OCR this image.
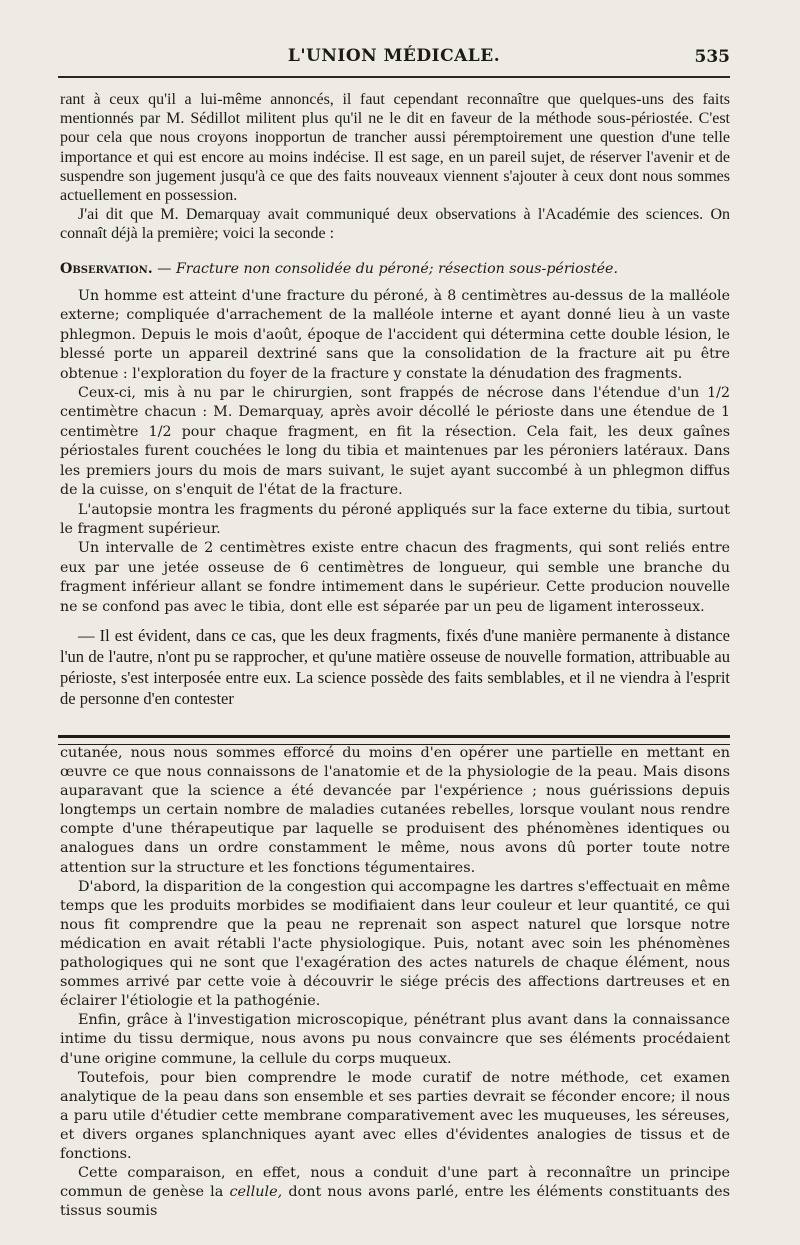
L'UNION MÉDICALE.	535

rant à ceux qu'il a lui-même annoncés, il faut cependant reconnaître que quelques-uns des faits mentionnés par M. Sédillot militent plus qu'il ne le dit en faveur de la méthode sous-périostée. C'est pour cela que nous croyons inopportun de trancher aussi péremptoirement une question d'une telle importance et qui est encore au moins indécise. Il est sage, en un pareil sujet, de réserver l'avenir et de suspendre son jugement jusqu'à ce que des faits nouveaux viennent s'ajouter à ceux dont nous sommes actuellement en possession.

J'ai dit que M. Demarquay avait communiqué deux observations à l'Académie des sciences. On connaît déjà la première; voici la seconde :

Observation. — Fracture non consolidée du péroné; résection sous-périostée.

Un homme est atteint d'une fracture du péroné, à 8 centimètres au-dessus de la malléole externe; compliquée d'arrachement de la malléole interne et ayant donné lieu à un vaste phlegmon. Depuis le mois d'août, époque de l'accident qui détermina cette double lésion, le blessé porte un appareil dextriné sans que la consolidation de la fracture ait pu être obtenue : l'exploration du foyer de la fracture y constate la dénudation des fragments.

Ceux-ci, mis à nu par le chirurgien, sont frappés de nécrose dans l'étendue d'un 1/2 centimètre chacun : M. Demarquay, après avoir décollé le périoste dans une étendue de 1 centimètre 1/2 pour chaque fragment, en fit la résection. Cela fait, les deux gaînes périostales furent couchées le long du tibia et maintenues par les péroniers latéraux. Dans les premiers jours du mois de mars suivant, le sujet ayant succombé à un phlegmon diffus de la cuisse, on s'enquit de l'état de la fracture.

L'autopsie montra les fragments du péroné appliqués sur la face externe du tibia, surtout le fragment supérieur.

Un intervalle de 2 centimètres existe entre chacun des fragments, qui sont reliés entre eux par une jetée osseuse de 6 centimètres de longueur, qui semble une branche du fragment inférieur allant se fondre intimement dans le supérieur. Cette producion nouvelle ne se confond pas avec le tibia, dont elle est séparée par un peu de ligament interosseux.

— Il est évident, dans ce cas, que les deux fragments, fixés d'une manière permanente à distance l'un de l'autre, n'ont pu se rapprocher, et qu'une matière osseuse de nouvelle formation, attribuable au périoste, s'est interposée entre eux. La science possède des faits semblables, et il ne viendra à l'esprit de personne d'en contester

cutanée, nous nous sommes efforcé du moins d'en opérer une partielle en mettant en œuvre ce que nous connaissons de l'anatomie et de la physiologie de la peau. Mais disons auparavant que la science a été devancée par l'expérience ; nous guérissions depuis longtemps un certain nombre de maladies cutanées rebelles, lorsque voulant nous rendre compte d'une thérapeutique par laquelle se produisent des phénomènes identiques ou analogues dans un ordre constamment le même, nous avons dû porter toute notre attention sur la structure et les fonctions tégumentaires.

D'abord, la disparition de la congestion qui accompagne les dartres s'effectuait en même temps que les produits morbides se modifiaient dans leur couleur et leur quantité, ce qui nous fit comprendre que la peau ne reprenait son aspect naturel que lorsque notre médication en avait rétabli l'acte physiologique. Puis, notant avec soin les phénomènes pathologiques qui ne sont que l'exagération des actes naturels de chaque élément, nous sommes arrivé par cette voie à découvrir le siége précis des affections dartreuses et en éclairer l'étiologie et la pathogénie.

Enfin, grâce à l'investigation microscopique, pénétrant plus avant dans la connaissance intime du tissu dermique, nous avons pu nous convaincre que ses éléments procédaient d'une origine commune, la cellule du corps muqueux.

Toutefois, pour bien comprendre le mode curatif de notre méthode, cet examen analytique de la peau dans son ensemble et ses parties devrait se féconder encore; il nous a paru utile d'étudier cette membrane comparativement avec les muqueuses, les séreuses, et divers organes splanchniques ayant avec elles d'évidentes analogies de tissus et de fonctions.

Cette comparaison, en effet, nous a conduit d'une part à reconnaître un principe commun de genèse la cellule, dont nous avons parlé, entre les éléments constituants des tissus soumis
